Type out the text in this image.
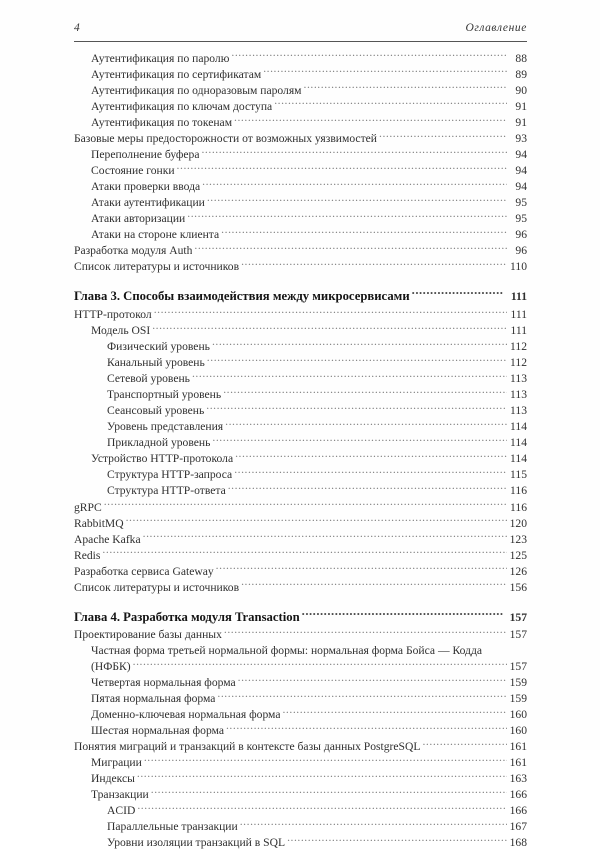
4	Оглавление
Аутентификация по паролю .....	88
Аутентификация по сертификатам .....	89
Аутентификация по одноразовым паролям .....	90
Аутентификация по ключам доступа .....	91
Аутентификация по токенам .....	91
Базовые меры предосторожности от возможных уязвимостей .....	93
Переполнение буфера .....	94
Состояние гонки .....	94
Атаки проверки ввода .....	94
Атаки аутентификации .....	95
Атаки авторизации .....	95
Атаки на стороне клиента .....	96
Разработка модуля Auth .....	96
Список литературы и источников .....	110
Глава 3. Способы взаимодействия между микросервисами .....	111
HTTP-протокол .....	111
Модель OSI .....	111
Физический уровень .....	112
Канальный уровень .....	112
Сетевой уровень .....	113
Транспортный уровень .....	113
Сеансовый уровень .....	113
Уровень представления .....	114
Прикладной уровень .....	114
Устройство HTTP-протокола .....	114
Структура HTTP-запроса .....	115
Структура HTTP-ответа .....	116
gRPC .....	116
RabbitMQ .....	120
Apache Kafka .....	123
Redis .....	125
Разработка сервиса Gateway .....	126
Список литературы и источников .....	156
Глава 4. Разработка модуля Transaction .....	157
Проектирование базы данных .....	157
Частная форма третьей нормальной формы: нормальная форма Бойса — Кодда
(НФБК) .....	157
Четвертая нормальная форма .....	159
Пятая нормальная форма .....	159
Доменно-ключевая нормальная форма .....	160
Шестая нормальная форма .....	160
Понятия миграций и транзакций в контексте базы данных PostgreSQL .....	161
Миграции .....	161
Индексы .....	163
Транзакции .....	166
ACID .....	166
Параллельные транзакции .....	167
Уровни изоляции транзакций в SQL .....	168
